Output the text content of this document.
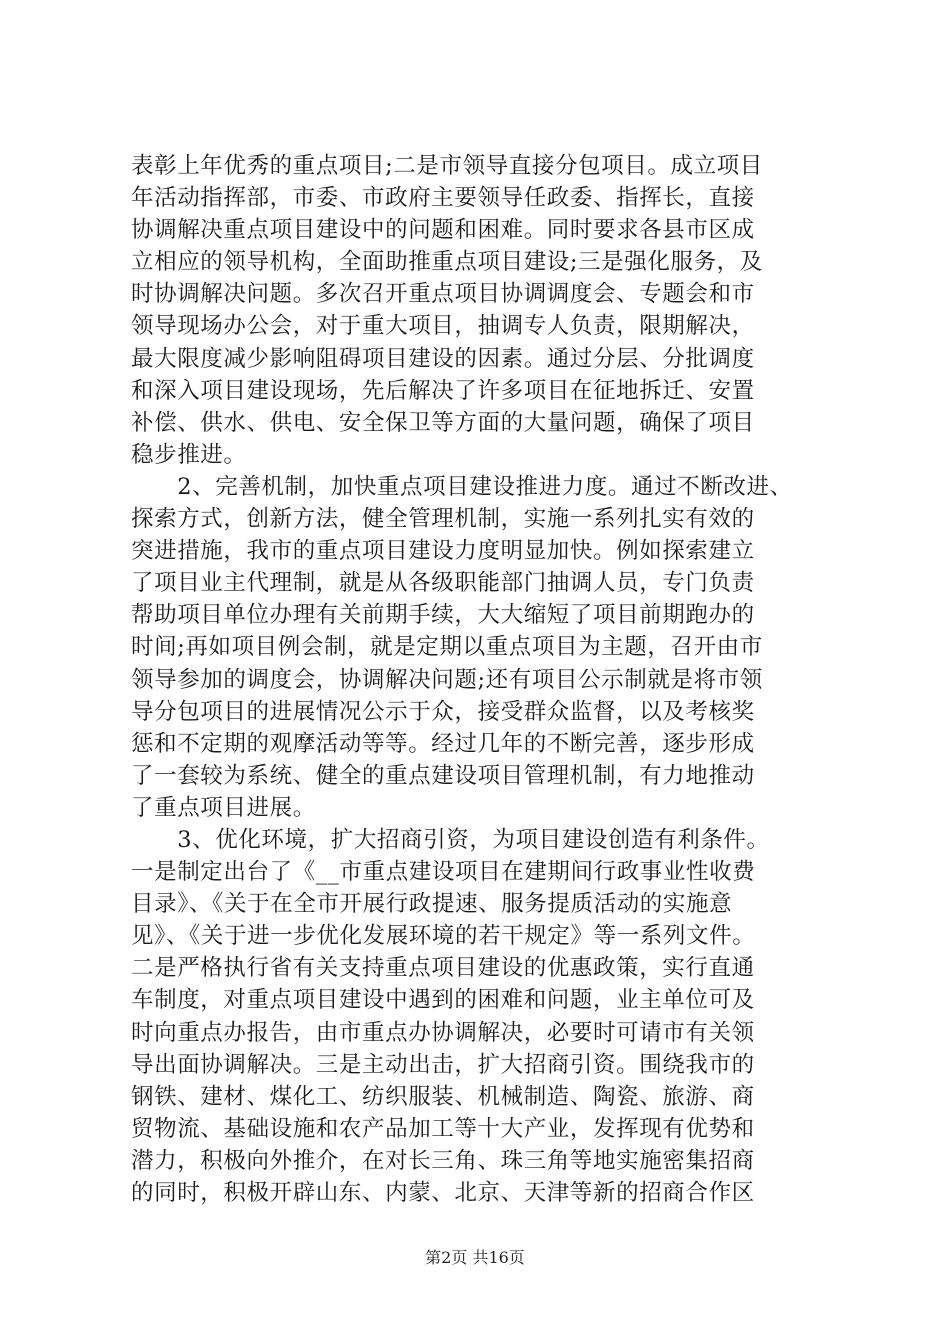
表彰上年优秀的重点项目;二是市领导直接分包项目。成立项目
年活动指挥部，市委、市政府主要领导任政委、指挥长，直接
协调解决重点项目建设中的问题和困难。同时要求各县市区成
立相应的领导机构，全面助推重点项目建设;三是强化服务，及
时协调解决问题。多次召开重点项目协调调度会、专题会和市
领导现场办公会，对于重大项目，抽调专人负责，限期解决，
最大限度减少影响阻碍项目建设的因素。通过分层、分批调度
和深入项目建设现场，先后解决了许多项目在征地拆迁、安置
补偿、供水、供电、安全保卫等方面的大量问题，确保了项目
稳步推进。
　　2、完善机制，加快重点项目建设推进力度。通过不断改进、
探索方式，创新方法，健全管理机制，实施一系列扎实有效的
突进措施，我市的重点项目建设力度明显加快。例如探索建立
了项目业主代理制，就是从各级职能部门抽调人员，专门负责
帮助项目单位办理有关前期手续，大大缩短了项目前期跑办的
时间;再如项目例会制，就是定期以重点项目为主题，召开由市
领导参加的调度会，协调解决问题;还有项目公示制就是将市领
导分包项目的进展情况公示于众，接受群众监督，以及考核奖
惩和不定期的观摩活动等等。经过几年的不断完善，逐步形成
了一套较为系统、健全的重点建设项目管理机制，有力地推动
了重点项目进展。
　　3、优化环境，扩大招商引资，为项目建设创造有利条件。
一是制定出台了《__市重点建设项目在建期间行政事业性收费
目录》、《关于在全市开展行政提速、服务提质活动的实施意
见》、《关于进一步优化发展环境的若干规定》等一系列文件。
二是严格执行省有关支持重点项目建设的优惠政策，实行直通
车制度，对重点项目建设中遇到的困难和问题，业主单位可及
时向重点办报告，由市重点办协调解决，必要时可请市有关领
导出面协调解决。三是主动出击，扩大招商引资。围绕我市的
钢铁、建材、煤化工、纺织服装、机械制造、陶瓷、旅游、商
贸物流、基础设施和农产品加工等十大产业，发挥现有优势和
潜力，积极向外推介，在对长三角、珠三角等地实施密集招商
的同时，积极开辟山东、内蒙、北京、天津等新的招商合作区
第2页 共16页
